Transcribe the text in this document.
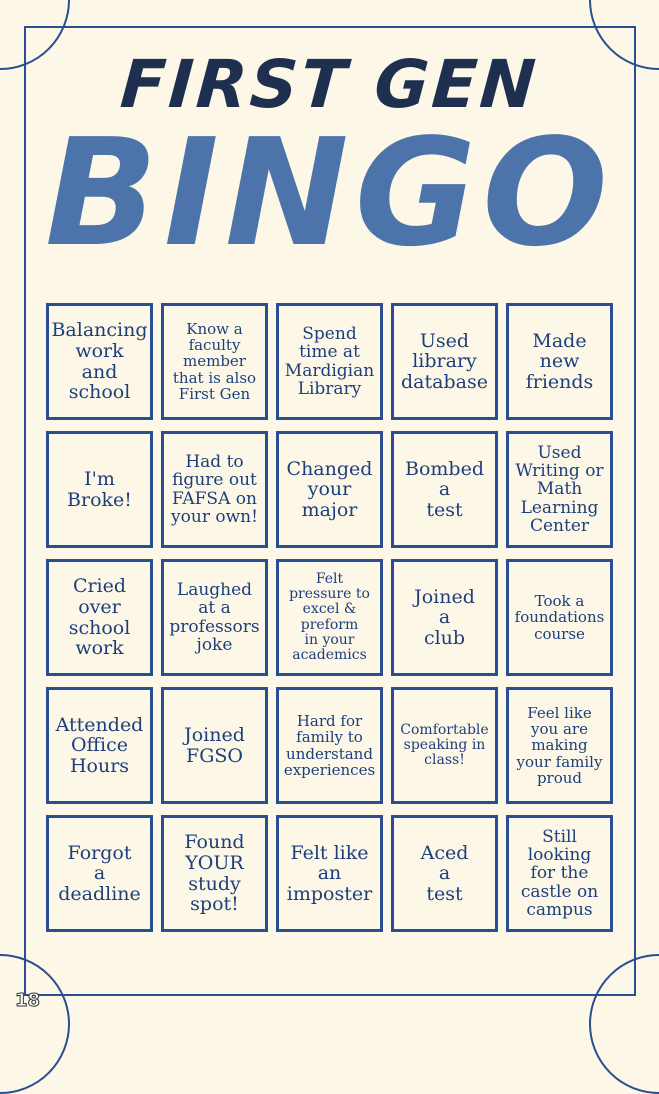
FIRST GEN
BINGO
Balancing
work
and
school
Know a
faculty
member
that is also
First Gen
Spend
time at
Mardigian
Library
Used
library
database
Made
new
friends
I'm
Broke!
Had to
figure out
FAFSA on
your own!
Changed
your
major
Bombed
a
test
Used
Writing or
Math
Learning
Center
Cried
over
school
work
Laughed
at a
professors
joke
Felt
pressure to
excel &
preform
in your
academics
Joined
a
club
Took a
foundations
course
Attended
Office
Hours
Joined
FGSO
Hard for
family to
understand
experiences
Comfortable
speaking in
class!
Feel like
you are
making
your family
proud
Forgot
a
deadline
Found
YOUR
study
spot!
Felt like
an
imposter
Aced
a
test
Still
looking
for the
castle on
campus
18
